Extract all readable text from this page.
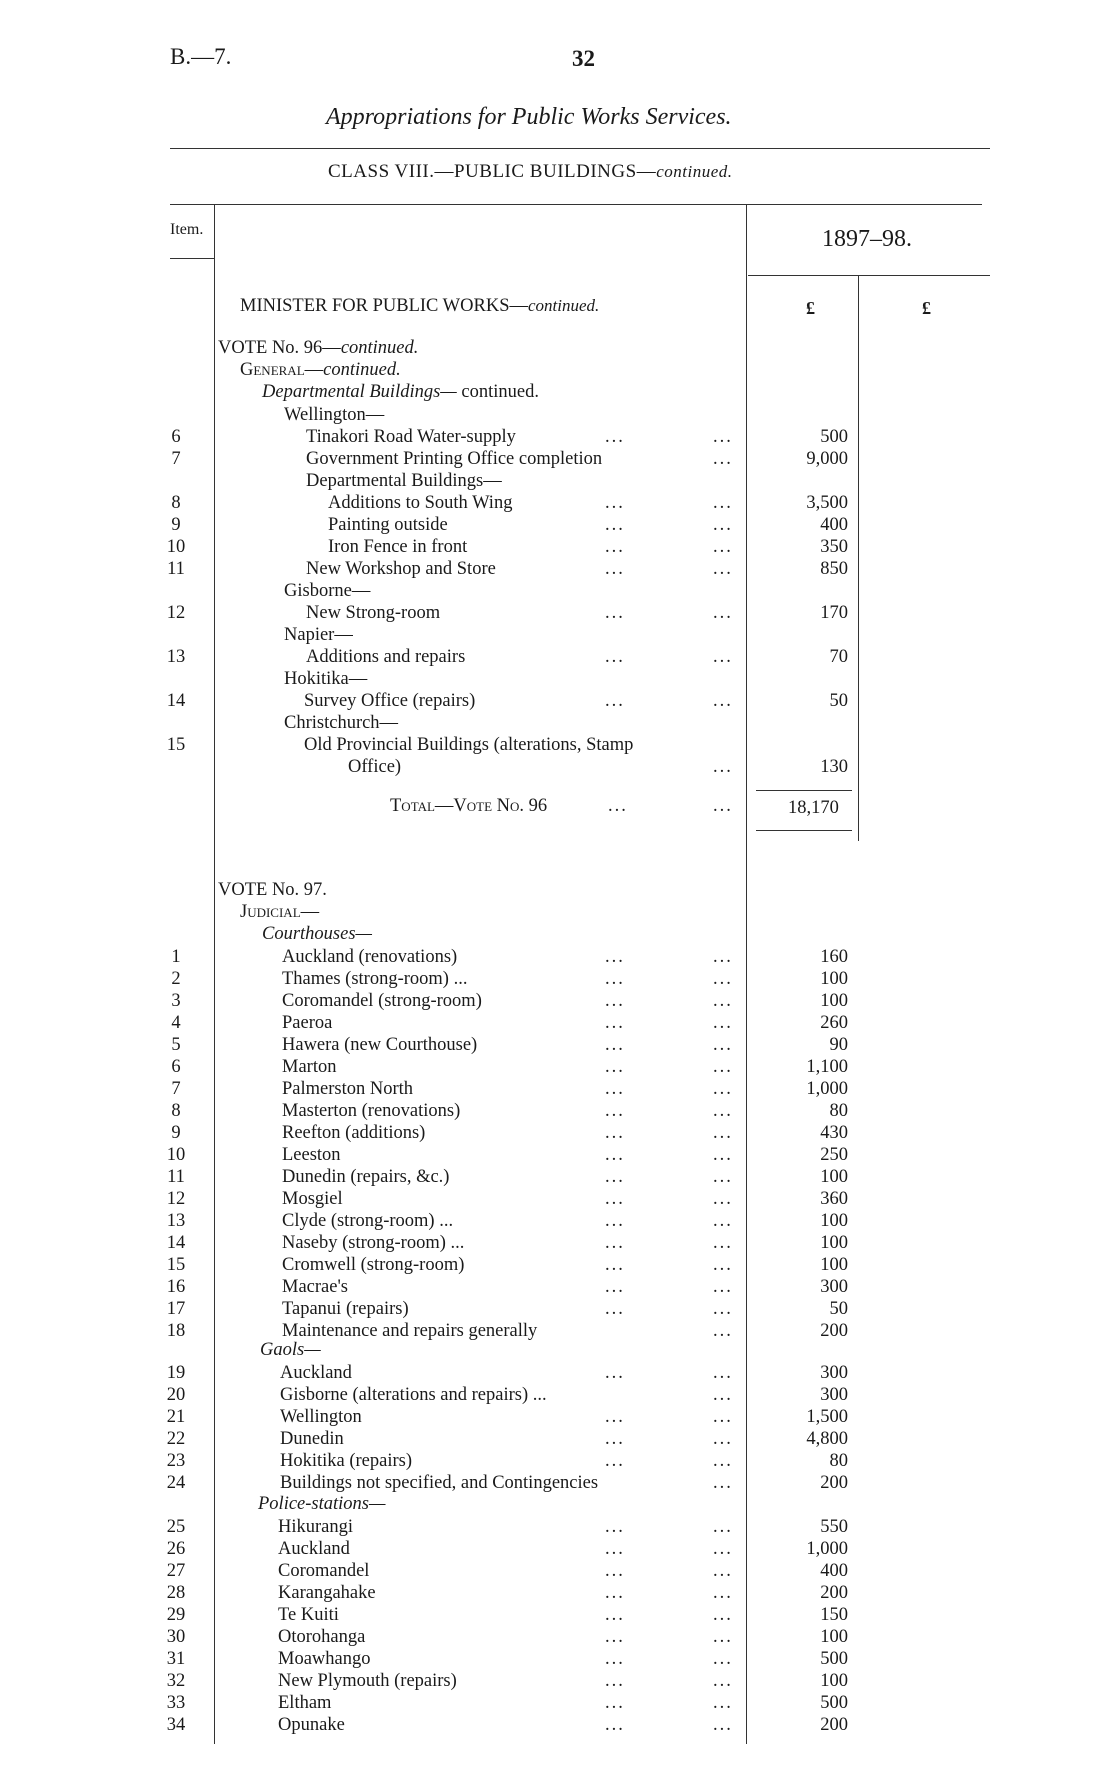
B.—7.	32
Appropriations for Public Works Services.
CLASS VIII.—PUBLIC BUILDINGS—continued.
Item.	1897–98.
£	£
MINISTER FOR PUBLIC WORKS—continued.
VOTE No. 96—continued.
General—continued.
Departmental Buildings— continued.
Wellington—
6	Tinakori Road Water-supply	...	...	500
7	Government Printing Office completion	...	9,000
Departmental Buildings—
8	Additions to South Wing	...	...	3,500
9	Painting outside	...	...	400
10	Iron Fence in front	...	...	350
11	New Workshop and Store	...	...	850
Gisborne—
12	New Strong-room	...	...	170
Napier—
13	Additions and repairs	...	...	70
Hokitika—
14	Survey Office (repairs)	...	...	50
Christchurch—
15	Old Provincial Buildings (alterations, Stamp
Office)	...	130
Total—Vote No. 96	...	...	18,170
VOTE No. 97.
Judicial—
Courthouses—
1	Auckland (renovations)	...	...	160
2	Thames (strong-room) ...	...	...	100
3	Coromandel (strong-room)	...	...	100
4	Paeroa	...	...	260
5	Hawera (new Courthouse)	...	...	90
6	Marton	...	...	1,100
7	Palmerston North	...	...	1,000
8	Masterton (renovations)	...	...	80
9	Reefton (additions)	...	...	430
10	Leeston	...	...	250
11	Dunedin (repairs, &c.)	...	...	100
12	Mosgiel	...	...	360
13	Clyde (strong-room) ...	...	...	100
14	Naseby (strong-room) ...	...	...	100
15	Cromwell (strong-room)	...	...	100
16	Macrae's	...	...	300
17	Tapanui (repairs)	...	...	50
18	Maintenance and repairs generally	...	200
Gaols—
19	Auckland	...	...	300
20	Gisborne (alterations and repairs) ...	...	300
21	Wellington	...	...	1,500
22	Dunedin	...	...	4,800
23	Hokitika (repairs)	...	...	80
24	Buildings not specified, and Contingencies	...	200
Police-stations—
25	Hikurangi	...	...	550
26	Auckland	...	...	1,000
27	Coromandel	...	...	400
28	Karangahake	...	...	200
29	Te Kuiti	...	...	150
30	Otorohanga	...	...	100
31	Moawhango	...	...	500
32	New Plymouth (repairs)	...	...	100
33	Eltham	...	...	500
34	Opunake	...	...	200
